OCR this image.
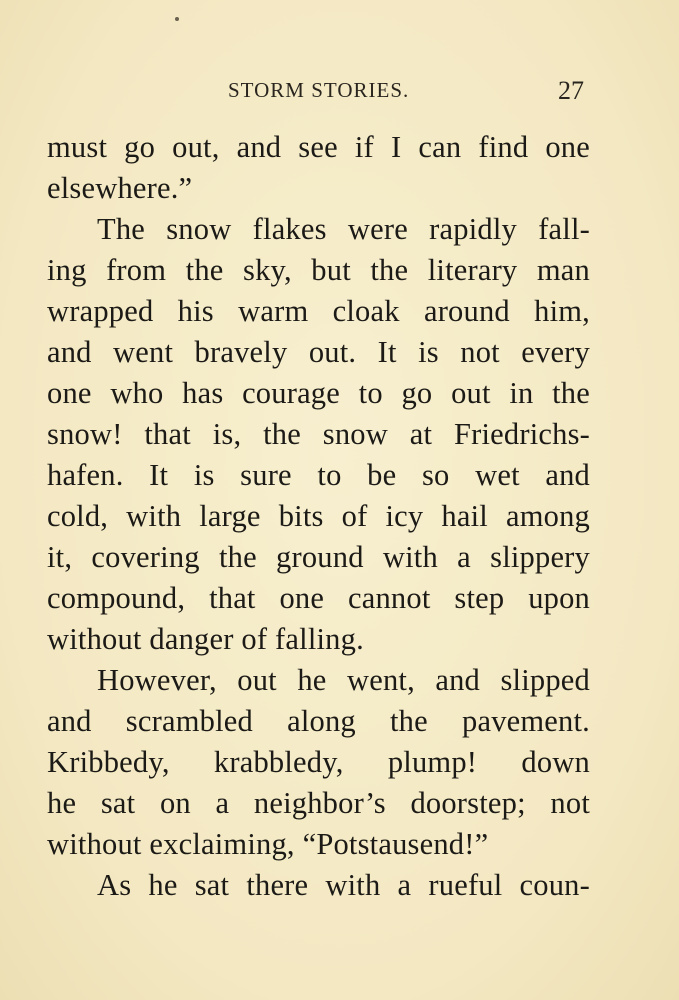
STORM STORIES.	27
must go out, and see if I can find one
elsewhere.”
The snow flakes were rapidly fall-
ing from the sky, but the literary man
wrapped his warm cloak around him,
and went bravely out. It is not every
one who has courage to go out in the
snow! that is, the snow at Friedrichs-
hafen. It is sure to be so wet and
cold, with large bits of icy hail among
it, covering the ground with a slippery
compound, that one cannot step upon
without danger of falling.
However, out he went, and slipped
and scrambled along the pavement.
Kribbedy, krabbledy, plump! down
he sat on a neighbor’s doorstep; not
without exclaiming, “Potstausend!”
As he sat there with a rueful coun-
